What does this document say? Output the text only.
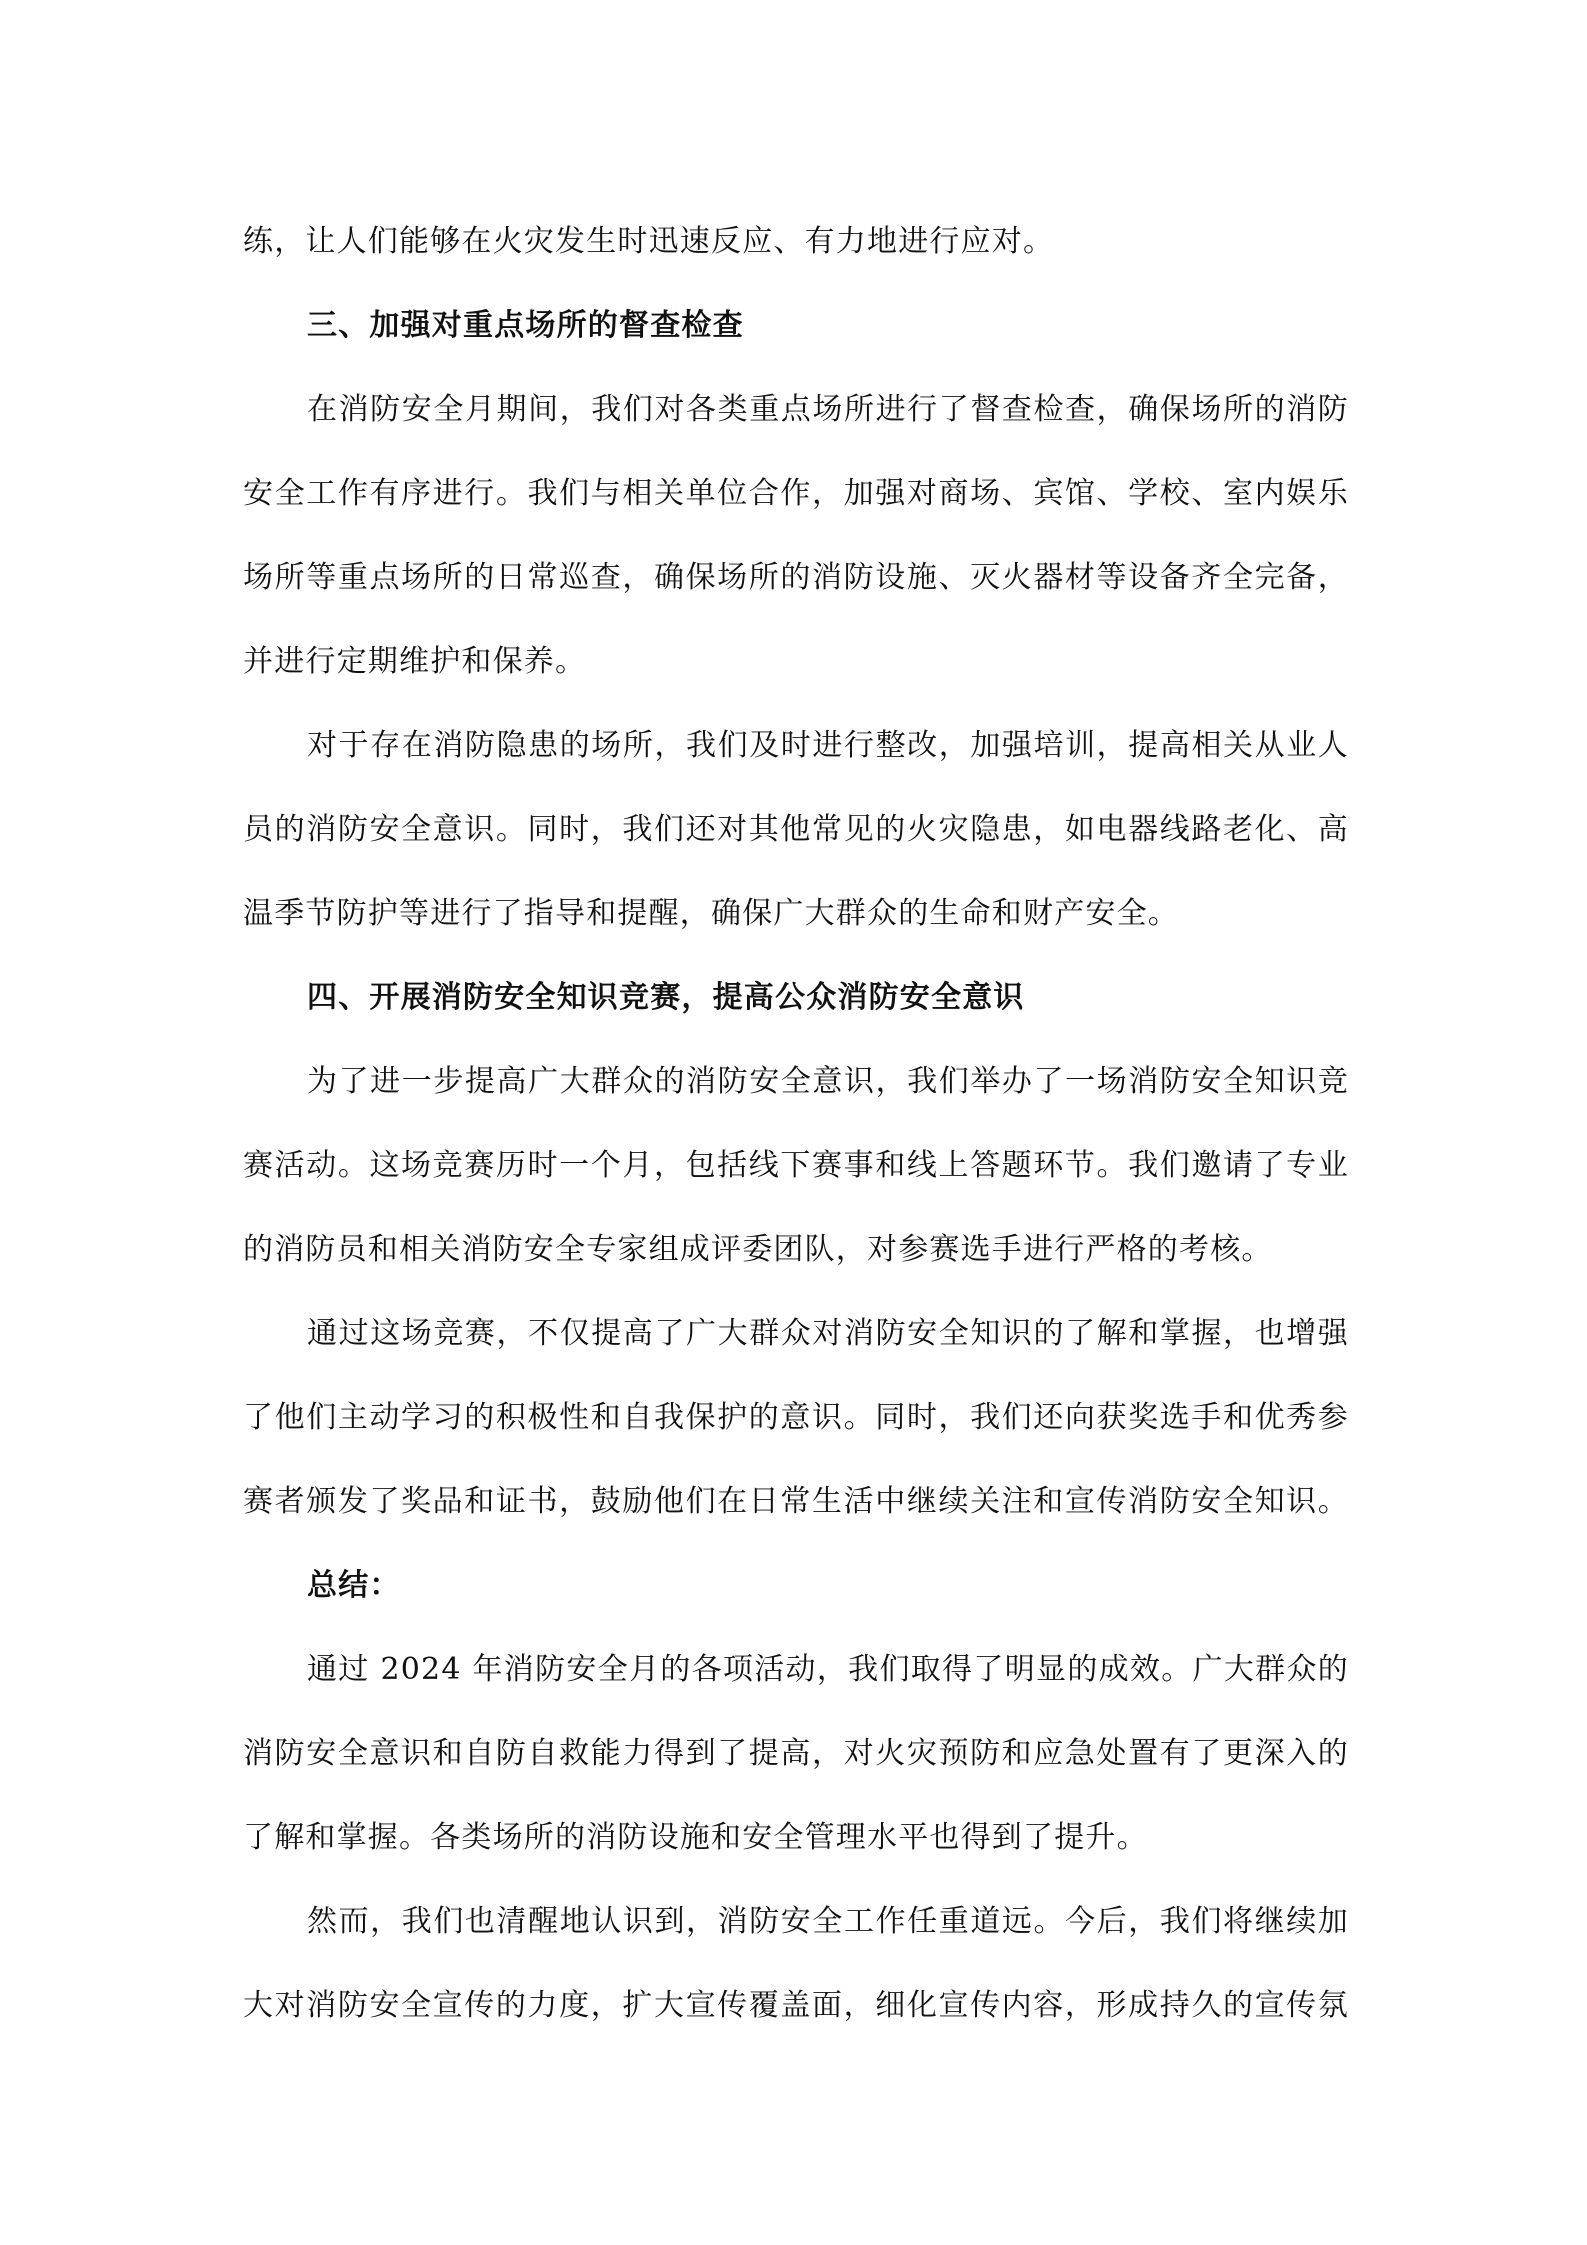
练，让人们能够在火灾发生时迅速反应、有力地进行应对。
三、加强对重点场所的督查检查
在消防安全月期间，我们对各类重点场所进行了督查检查，确保场所的消防
安全工作有序进行。我们与相关单位合作，加强对商场、宾馆、学校、室内娱乐
场所等重点场所的日常巡查，确保场所的消防设施、灭火器材等设备齐全完备，
并进行定期维护和保养。
对于存在消防隐患的场所，我们及时进行整改，加强培训，提高相关从业人
员的消防安全意识。同时，我们还对其他常见的火灾隐患，如电器线路老化、高
温季节防护等进行了指导和提醒，确保广大群众的生命和财产安全。
四、开展消防安全知识竞赛，提高公众消防安全意识
为了进一步提高广大群众的消防安全意识，我们举办了一场消防安全知识竞
赛活动。这场竞赛历时一个月，包括线下赛事和线上答题环节。我们邀请了专业
的消防员和相关消防安全专家组成评委团队，对参赛选手进行严格的考核。
通过这场竞赛，不仅提高了广大群众对消防安全知识的了解和掌握，也增强
了他们主动学习的积极性和自我保护的意识。同时，我们还向获奖选手和优秀参
赛者颁发了奖品和证书，鼓励他们在日常生活中继续关注和宣传消防安全知识。
总结：
通过 2024 年消防安全月的各项活动，我们取得了明显的成效。广大群众的
消防安全意识和自防自救能力得到了提高，对火灾预防和应急处置有了更深入的
了解和掌握。各类场所的消防设施和安全管理水平也得到了提升。
然而，我们也清醒地认识到，消防安全工作任重道远。今后，我们将继续加
大对消防安全宣传的力度，扩大宣传覆盖面，细化宣传内容，形成持久的宣传氛
